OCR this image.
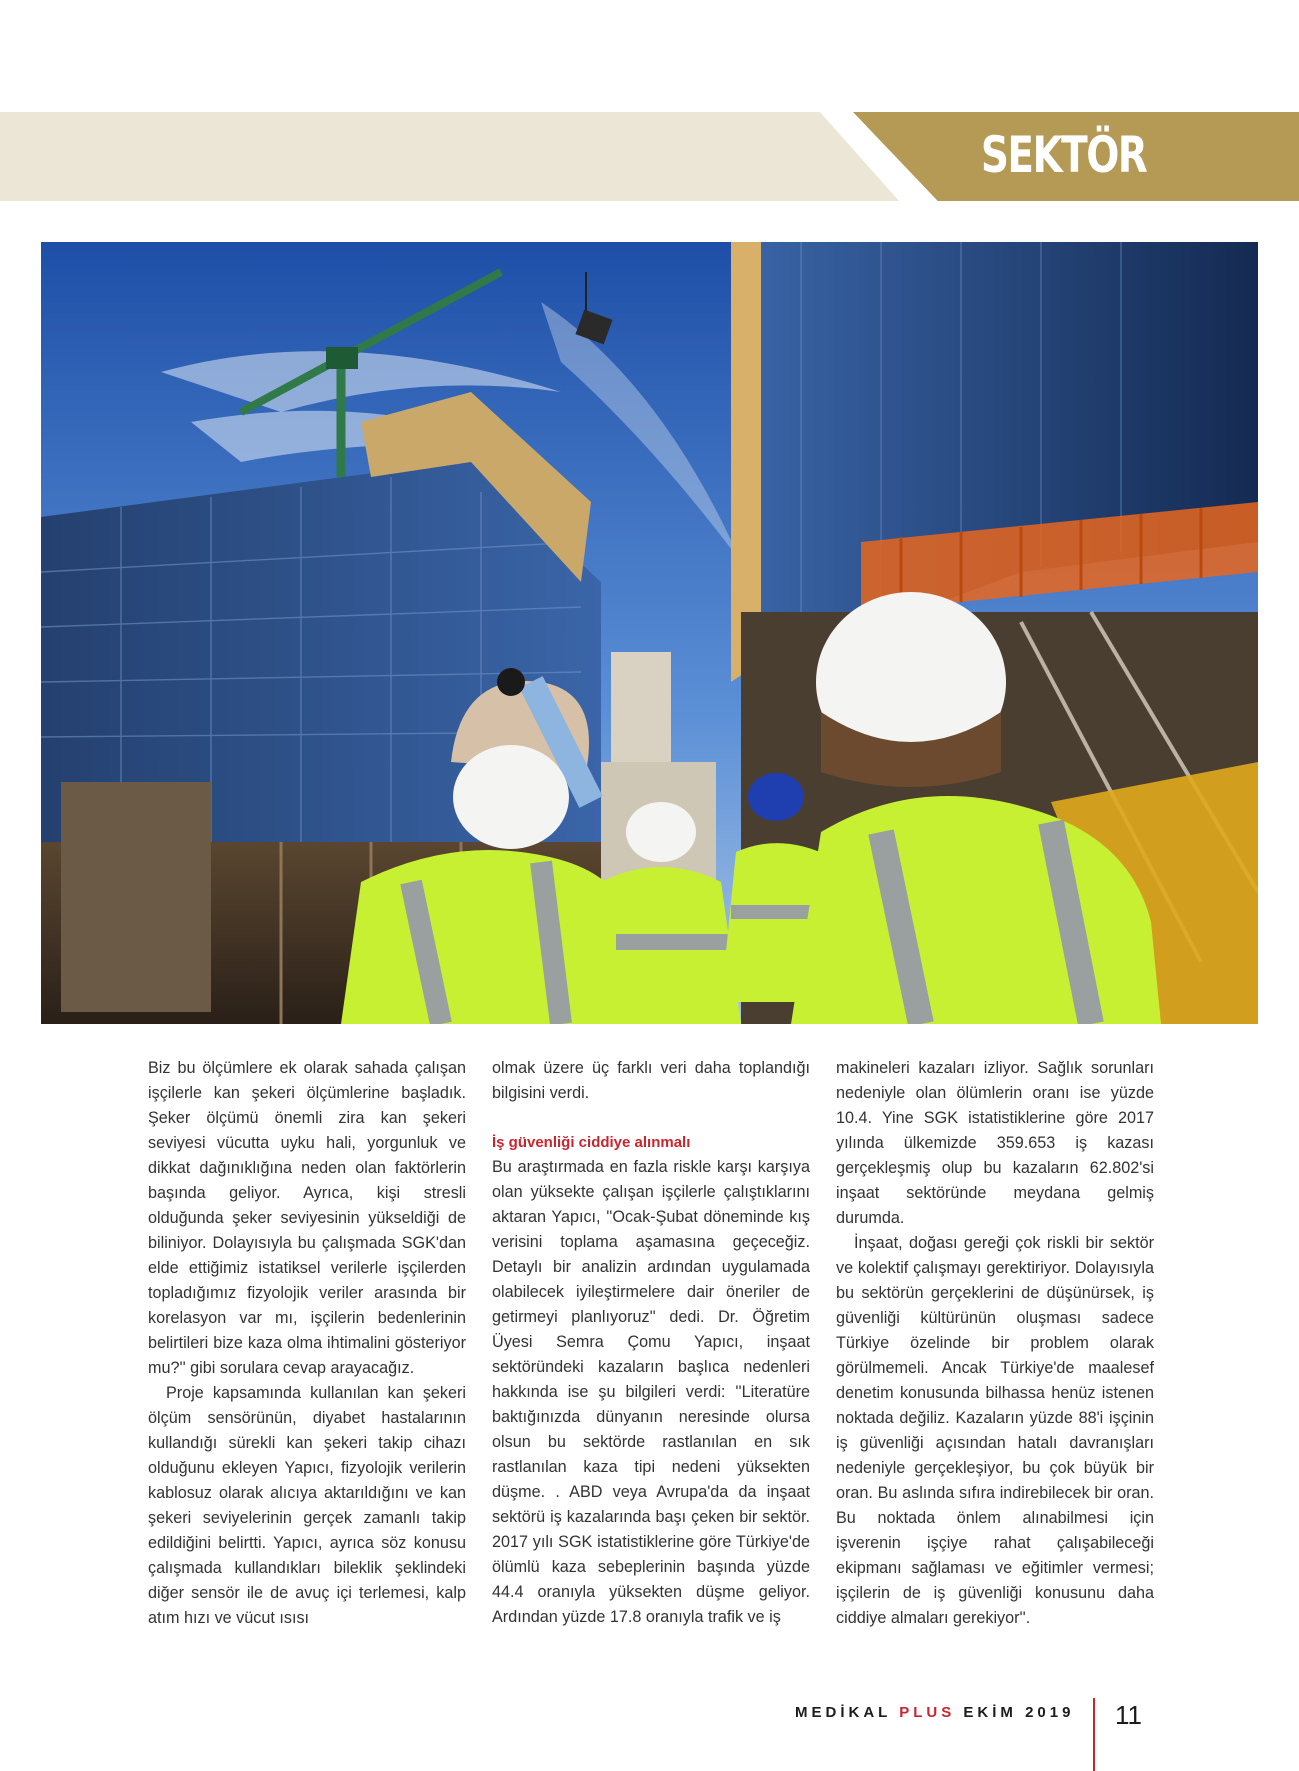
SEKTÖR

Biz bu ölçümlere ek olarak sahada çalışan işçilerle kan şekeri ölçümlerine başladık. Şeker ölçümü önemli zira kan şekeri seviyesi vücutta uyku hali, yorgunluk ve dikkat dağınıklığına neden olan faktörlerin başında geliyor. Ayrıca, kişi stresli olduğunda şeker seviyesinin yükseldiği de biliniyor. Dolayısıyla bu çalışmada SGK'dan elde ettiğimiz istatiksel verilerle işçilerden topladığımız fizyolojik veriler arasında bir korelasyon var mı, işçilerin bedenlerinin belirtileri bize kaza olma ihtimalini gösteriyor mu?'' gibi sorulara cevap arayacağız.

Proje kapsamında kullanılan kan şekeri ölçüm sensörünün, diyabet hastalarının kullandığı sürekli kan şekeri takip cihazı olduğunu ekleyen Yapıcı, fizyolojik verilerin kablosuz olarak alıcıya aktarıldığını ve kan şekeri seviyelerinin gerçek zamanlı takip edildiğini belirtti. Yapıcı, ayrıca söz konusu çalışmada kullandıkları bileklik şeklindeki diğer sensör ile de avuç içi terlemesi, kalp atım hızı ve vücut ısısı

olmak üzere üç farklı veri daha toplandığı bilgisini verdi.

İş güvenliği ciddiye alınmalı

Bu araştırmada en fazla riskle karşı karşıya olan yüksekte çalışan işçilerle çalıştıklarını aktaran Yapıcı, ''Ocak-Şubat döneminde kış verisini toplama aşamasına geçeceğiz. Detaylı bir analizin ardından uygulamada olabilecek iyileştirmelere dair öneriler de getirmeyi planlıyoruz'' dedi. Dr. Öğretim Üyesi Semra Çomu Yapıcı, inşaat sektöründeki kazaların başlıca nedenleri hakkında ise şu bilgileri verdi: ''Literatüre baktığınızda dünyanın neresinde olursa olsun bu sektörde rastlanılan en sık rastlanılan kaza tipi nedeni yüksekten düşme. . ABD veya Avrupa'da da inşaat sektörü iş kazalarında başı çeken bir sektör. 2017 yılı SGK istatistiklerine göre Türkiye'de ölümlü kaza sebeplerinin başında yüzde 44.4 oranıyla yüksekten düşme geliyor. Ardından yüzde 17.8 oranıyla trafik ve iş

makineleri kazaları izliyor. Sağlık sorunları nedeniyle olan ölümlerin oranı ise yüzde 10.4. Yine SGK istatistiklerine göre 2017 yılında ülkemizde 359.653 iş kazası gerçekleşmiş olup bu kazaların 62.802'si inşaat sektöründe meydana gelmiş durumda.

İnşaat, doğası gereği çok riskli bir sektör ve kolektif çalışmayı gerektiriyor. Dolayısıyla bu sektörün gerçeklerini de düşünürsek, iş güvenliği kültürünün oluşması sadece Türkiye özelinde bir problem olarak görülmemeli. Ancak Türkiye'de maalesef denetim konusunda bilhassa henüz istenen noktada değiliz. Kazaların yüzde 88'i işçinin iş güvenliği açısından hatalı davranışları nedeniyle gerçekleşiyor, bu çok büyük bir oran. Bu aslında sıfıra indirebilecek bir oran. Bu noktada önlem alınabilmesi için işverenin işçiye rahat çalışabileceği ekipmanı sağlaması ve eğitimler vermesi; işçilerin de iş güvenliği konusunu daha ciddiye almaları gerekiyor''.

MEDİKAL PLUS EKİM 2019 11
